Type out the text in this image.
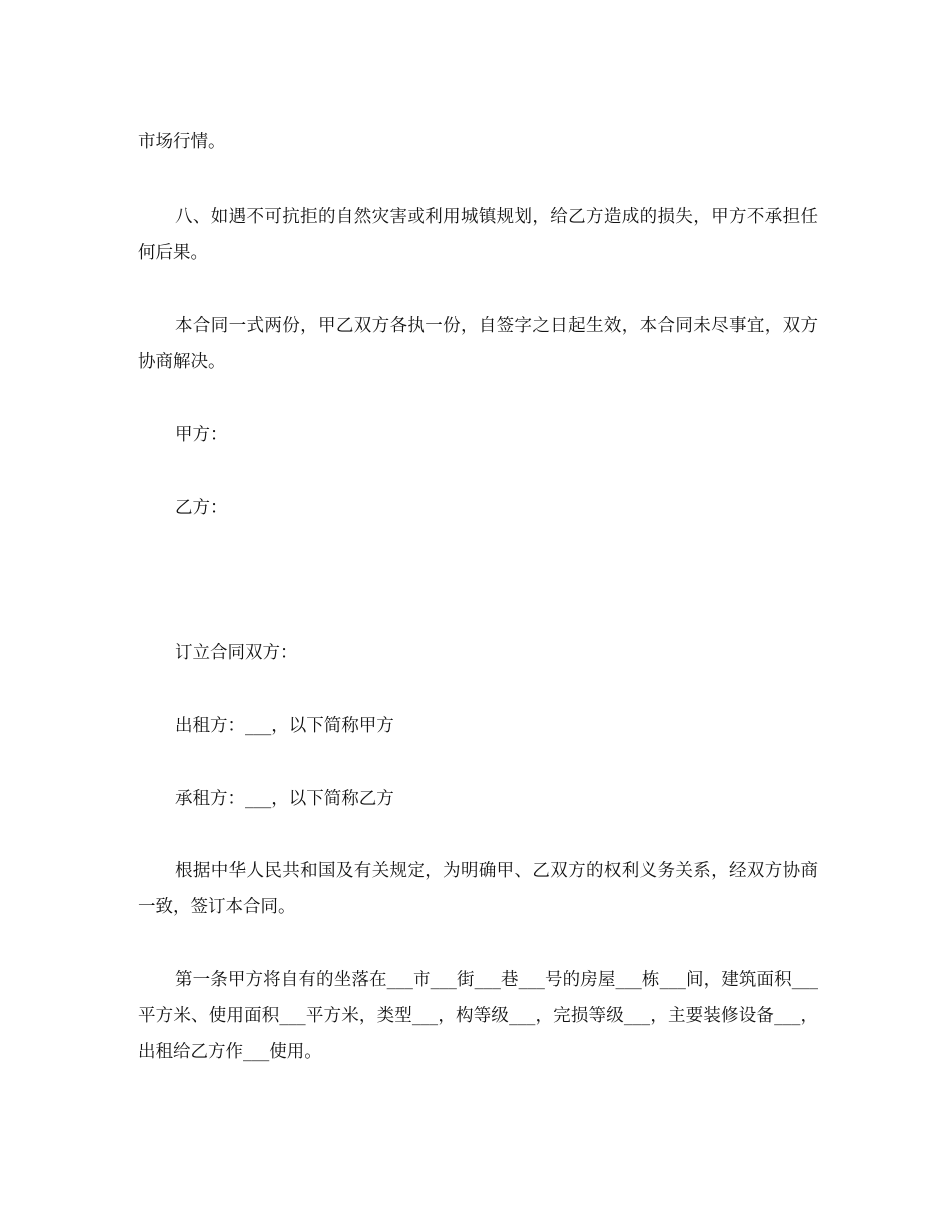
市场行情。

八、如遇不可抗拒的自然灾害或利用城镇规划，给乙方造成的损失，甲方不承担任何后果。

本合同一式两份，甲乙双方各执一份，自签字之日起生效，本合同未尽事宜，双方协商解决。

甲方：

乙方：

订立合同双方：

出租方：___，以下简称甲方

承租方：___，以下简称乙方

根据中华人民共和国及有关规定，为明确甲、乙双方的权利义务关系，经双方协商一致，签订本合同。

第一条甲方将自有的坐落在___市___街___巷___号的房屋___栋___间，建筑面积___平方米、使用面积___平方米，类型___，构等级___，完损等级___，主要装修设备___，出租给乙方作___使用。
